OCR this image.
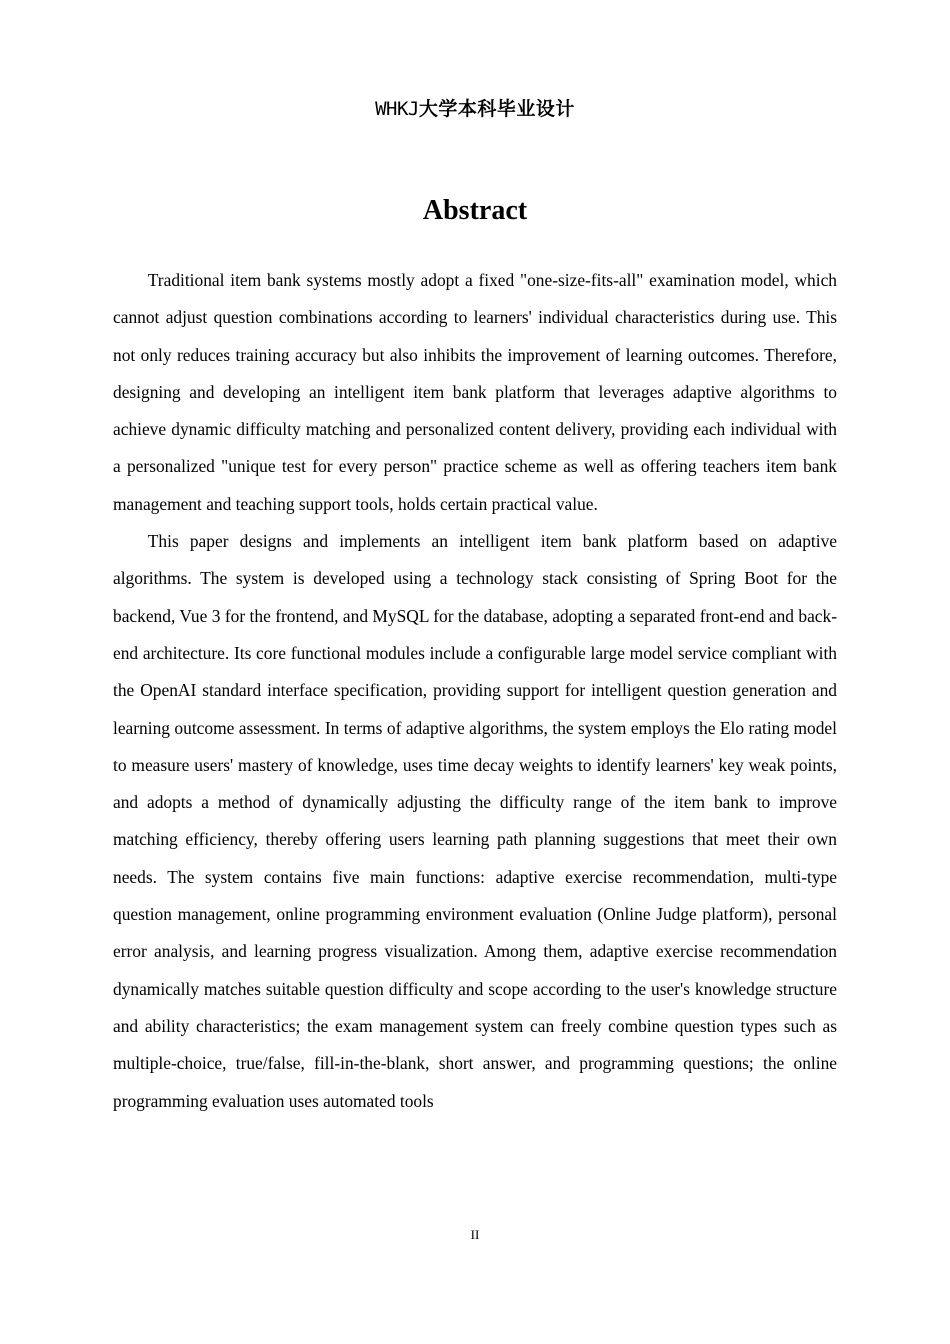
WHKJ大学本科毕业设计
Abstract

Traditional item bank systems mostly adopt a fixed "one-size-fits-all" examination model, which cannot adjust question combinations according to learners' individual characteristics during use. This not only reduces training accuracy but also inhibits the improvement of learning outcomes. Therefore, designing and developing an intelligent item bank platform that leverages adaptive algorithms to achieve dynamic difficulty matching and personalized content delivery, providing each individual with a personalized "unique test for every person" practice scheme as well as offering teachers item bank management and teaching support tools, holds certain practical value.

This paper designs and implements an intelligent item bank platform based on adaptive algorithms. The system is developed using a technology stack consisting of Spring Boot for the backend, Vue 3 for the frontend, and MySQL for the database, adopting a separated front-end and back-end architecture. Its core functional modules include a configurable large model service compliant with the OpenAI standard interface specification, providing support for intelligent question generation and learning outcome assessment. In terms of adaptive algorithms, the system employs the Elo rating model to measure users' mastery of knowledge, uses time decay weights to identify learners' key weak points, and adopts a method of dynamically adjusting the difficulty range of the item bank to improve matching efficiency, thereby offering users learning path planning suggestions that meet their own needs. The system contains five main functions: adaptive exercise recommendation, multi-type question management, online programming environment evaluation (Online Judge platform), personal error analysis, and learning progress visualization. Among them, adaptive exercise recommendation dynamically matches suitable question difficulty and scope according to the user's knowledge structure and ability characteristics; the exam management system can freely combine question types such as multiple-choice, true/false, fill-in-the-blank, short answer, and programming questions; the online programming evaluation uses automated tools

II
